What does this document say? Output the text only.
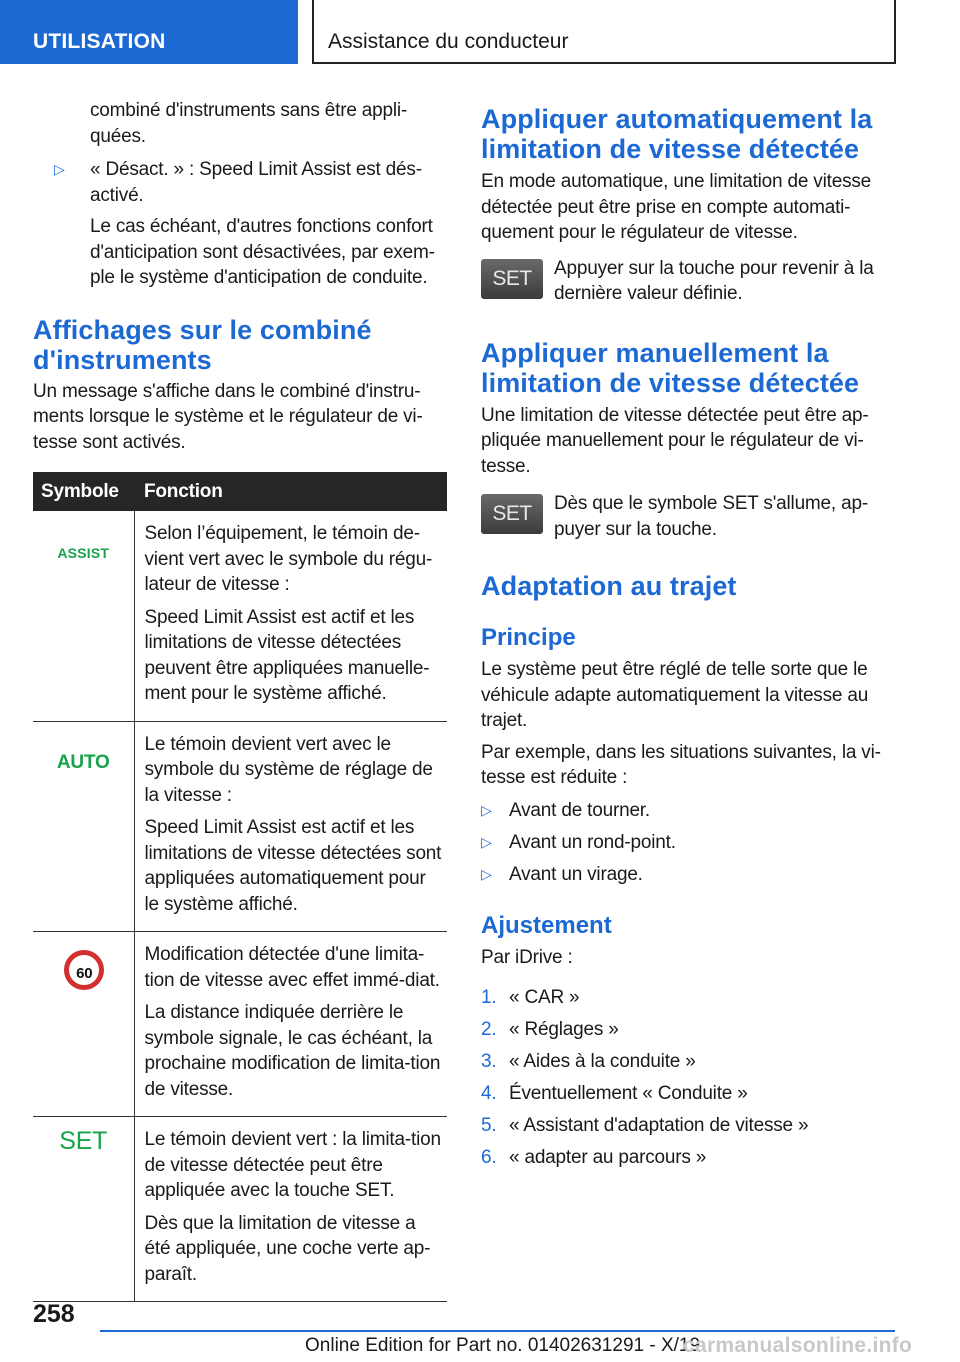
UTILISATION	Assistance du conducteur

combiné d'instruments sans être appli-quées.

▷ « Désact. » : Speed Limit Assist est dés-activé.

Le cas échéant, d'autres fonctions confort d'anticipation sont désactivées, par exem-ple le système d'anticipation de conduite.

Affichages sur le combiné d'instruments

Un message s'affiche dans le combiné d'instru-ments lorsque le système et le régulateur de vi-tesse sont activés.

Symbole	Fonction
ASSIST	Selon l’équipement, le témoin de-vient vert avec le symbole du régu-lateur de vitesse :

Speed Limit Assist est actif et les limitations de vitesse détectées peuvent être appliquées manuelle-ment pour le système affiché.

AUTO	Le témoin devient vert avec le symbole du système de réglage de la vitesse :

Speed Limit Assist est actif et les limitations de vitesse détectées sont appliquées automatiquement pour le système affiché.

60	Modification détectée d'une limita-tion de vitesse avec effet immé-diat.

La distance indiquée derrière le symbole signale, le cas échéant, la prochaine modification de limita-tion de vitesse.

SET	Le témoin devient vert : la limita-tion de vitesse détectée peut être appliquée avec la touche SET.

Dès que la limitation de vitesse a été appliquée, une coche verte ap-paraît.

Appliquer automatiquement la limitation de vitesse détectée

En mode automatique, une limitation de vitesse détectée peut être prise en compte automati-quement pour le régulateur de vitesse.

SET	Appuyer sur la touche pour revenir à la dernière valeur définie.

Appliquer manuellement la limitation de vitesse détectée

Une limitation de vitesse détectée peut être ap-pliquée manuellement pour le régulateur de vi-tesse.

SET	Dès que le symbole SET s'allume, ap-puyer sur la touche.

Adaptation au trajet
Principe

Le système peut être réglé de telle sorte que le véhicule adapte automatiquement la vitesse au trajet.

Par exemple, dans les situations suivantes, la vi-tesse est réduite :

▷ Avant de tourner.
▷ Avant un rond-point.
▷ Avant un virage.
Ajustement

Par iDrive :

1. « CAR »
2. « Réglages »
3. « Aides à la conduite »
4. Éventuellement « Conduite »
5. « Assistant d'adaptation de vitesse »
6. « adapter au parcours »
258
Online Edition for Part no. 01402631291 - X/19
carmanualsonline.info
